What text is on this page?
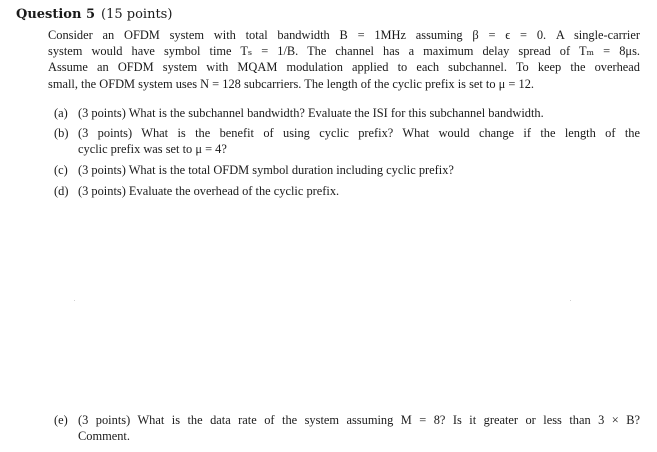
Question 5 (15 points)
Consider an OFDM system with total bandwidth B = 1MHz assuming β = ϵ = 0. A single-carrier
system would have symbol time Tₛ = 1/B. The channel has a maximum delay spread of Tₘ = 8μs.
Assume an OFDM system with MQAM modulation applied to each subchannel. To keep the overhead
small, the OFDM system uses N = 128 subcarriers. The length of the cyclic prefix is set to μ = 12.
(a) (3 points) What is the subchannel bandwidth? Evaluate the ISI for this subchannel bandwidth.
(b) (3 points) What is the benefit of using cyclic prefix? What would change if the length of the
cyclic prefix was set to μ = 4?
(c) (3 points) What is the total OFDM symbol duration including cyclic prefix?
(d) (3 points) Evaluate the overhead of the cyclic prefix.
(e) (3 points) What is the data rate of the system assuming M = 8? Is it greater or less than 3 × B?
Comment.
